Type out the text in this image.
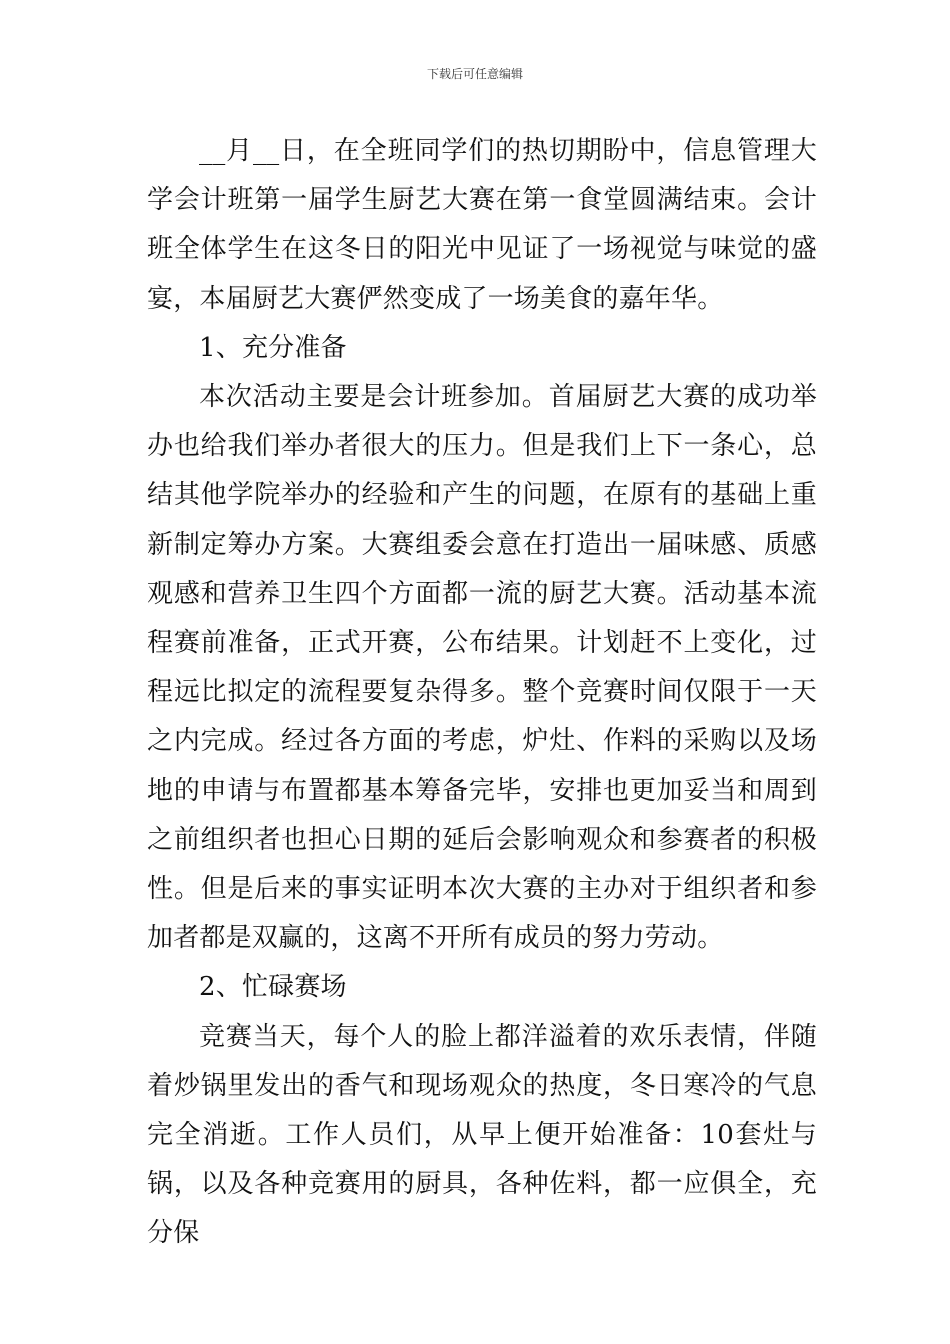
下载后可任意编辑

__月__日，在全班同学们的热切期盼中，信息管理大学会计班第一届学生厨艺大赛在第一食堂圆满结束。会计班全体学生在这冬日的阳光中见证了一场视觉与味觉的盛宴，本届厨艺大赛俨然变成了一场美食的嘉年华。

1、充分准备

本次活动主要是会计班参加。首届厨艺大赛的成功举办也给我们举办者很大的压力。但是我们上下一条心，总结其他学院举办的经验和产生的问题，在原有的基础上重新制定筹办方案。大赛组委会意在打造出一届味感、质感观感和营养卫生四个方面都一流的厨艺大赛。活动基本流程赛前准备，正式开赛，公布结果。计划赶不上变化，过程远比拟定的流程要复杂得多。整个竞赛时间仅限于一天之内完成。经过各方面的考虑，炉灶、作料的采购以及场地的申请与布置都基本筹备完毕，安排也更加妥当和周到之前组织者也担心日期的延后会影响观众和参赛者的积极性。但是后来的事实证明本次大赛的主办对于组织者和参加者都是双赢的，这离不开所有成员的努力劳动。

2、忙碌赛场

竞赛当天，每个人的脸上都洋溢着的欢乐表情，伴随着炒锅里发出的香气和现场观众的热度，冬日寒冷的气息完全消逝。工作人员们，从早上便开始准备：10套灶与锅，以及各种竞赛用的厨具，各种佐料，都一应俱全，充分保
